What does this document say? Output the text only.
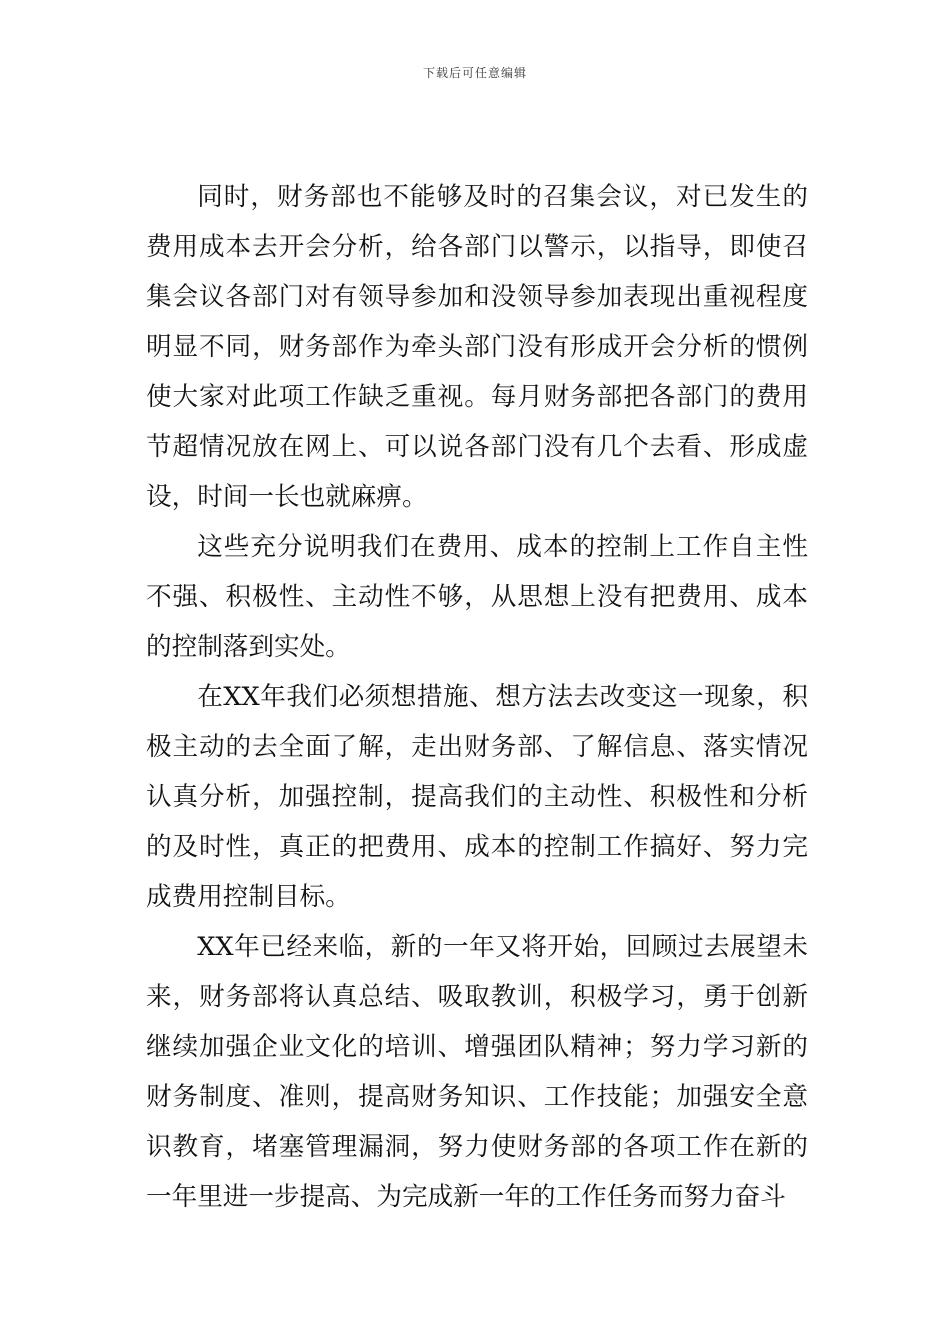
下载后可任意编辑

同时，财务部也不能够及时的召集会议，对已发生的费用成本去开会分析，给各部门以警示，以指导，即使召集会议各部门对有领导参加和没领导参加表现出重视程度明显不同，财务部作为牵头部门没有形成开会分析的惯例使大家对此项工作缺乏重视。每月财务部把各部门的费用节超情况放在网上、可以说各部门没有几个去看、形成虚设，时间一长也就麻痹。

这些充分说明我们在费用、成本的控制上工作自主性不强、积极性、主动性不够，从思想上没有把费用、成本的控制落到实处。

在XX年我们必须想措施、想方法去改变这一现象，积极主动的去全面了解，走出财务部、了解信息、落实情况认真分析，加强控制，提高我们的主动性、积极性和分析的及时性，真正的把费用、成本的控制工作搞好、努力完成费用控制目标。

XX年已经来临，新的一年又将开始，回顾过去展望未来，财务部将认真总结、吸取教训，积极学习，勇于创新继续加强企业文化的培训、增强团队精神；努力学习新的财务制度、准则，提高财务知识、工作技能；加强安全意识教育，堵塞管理漏洞，努力使财务部的各项工作在新的一年里进一步提高、为完成新一年的工作任务而努力奋斗
